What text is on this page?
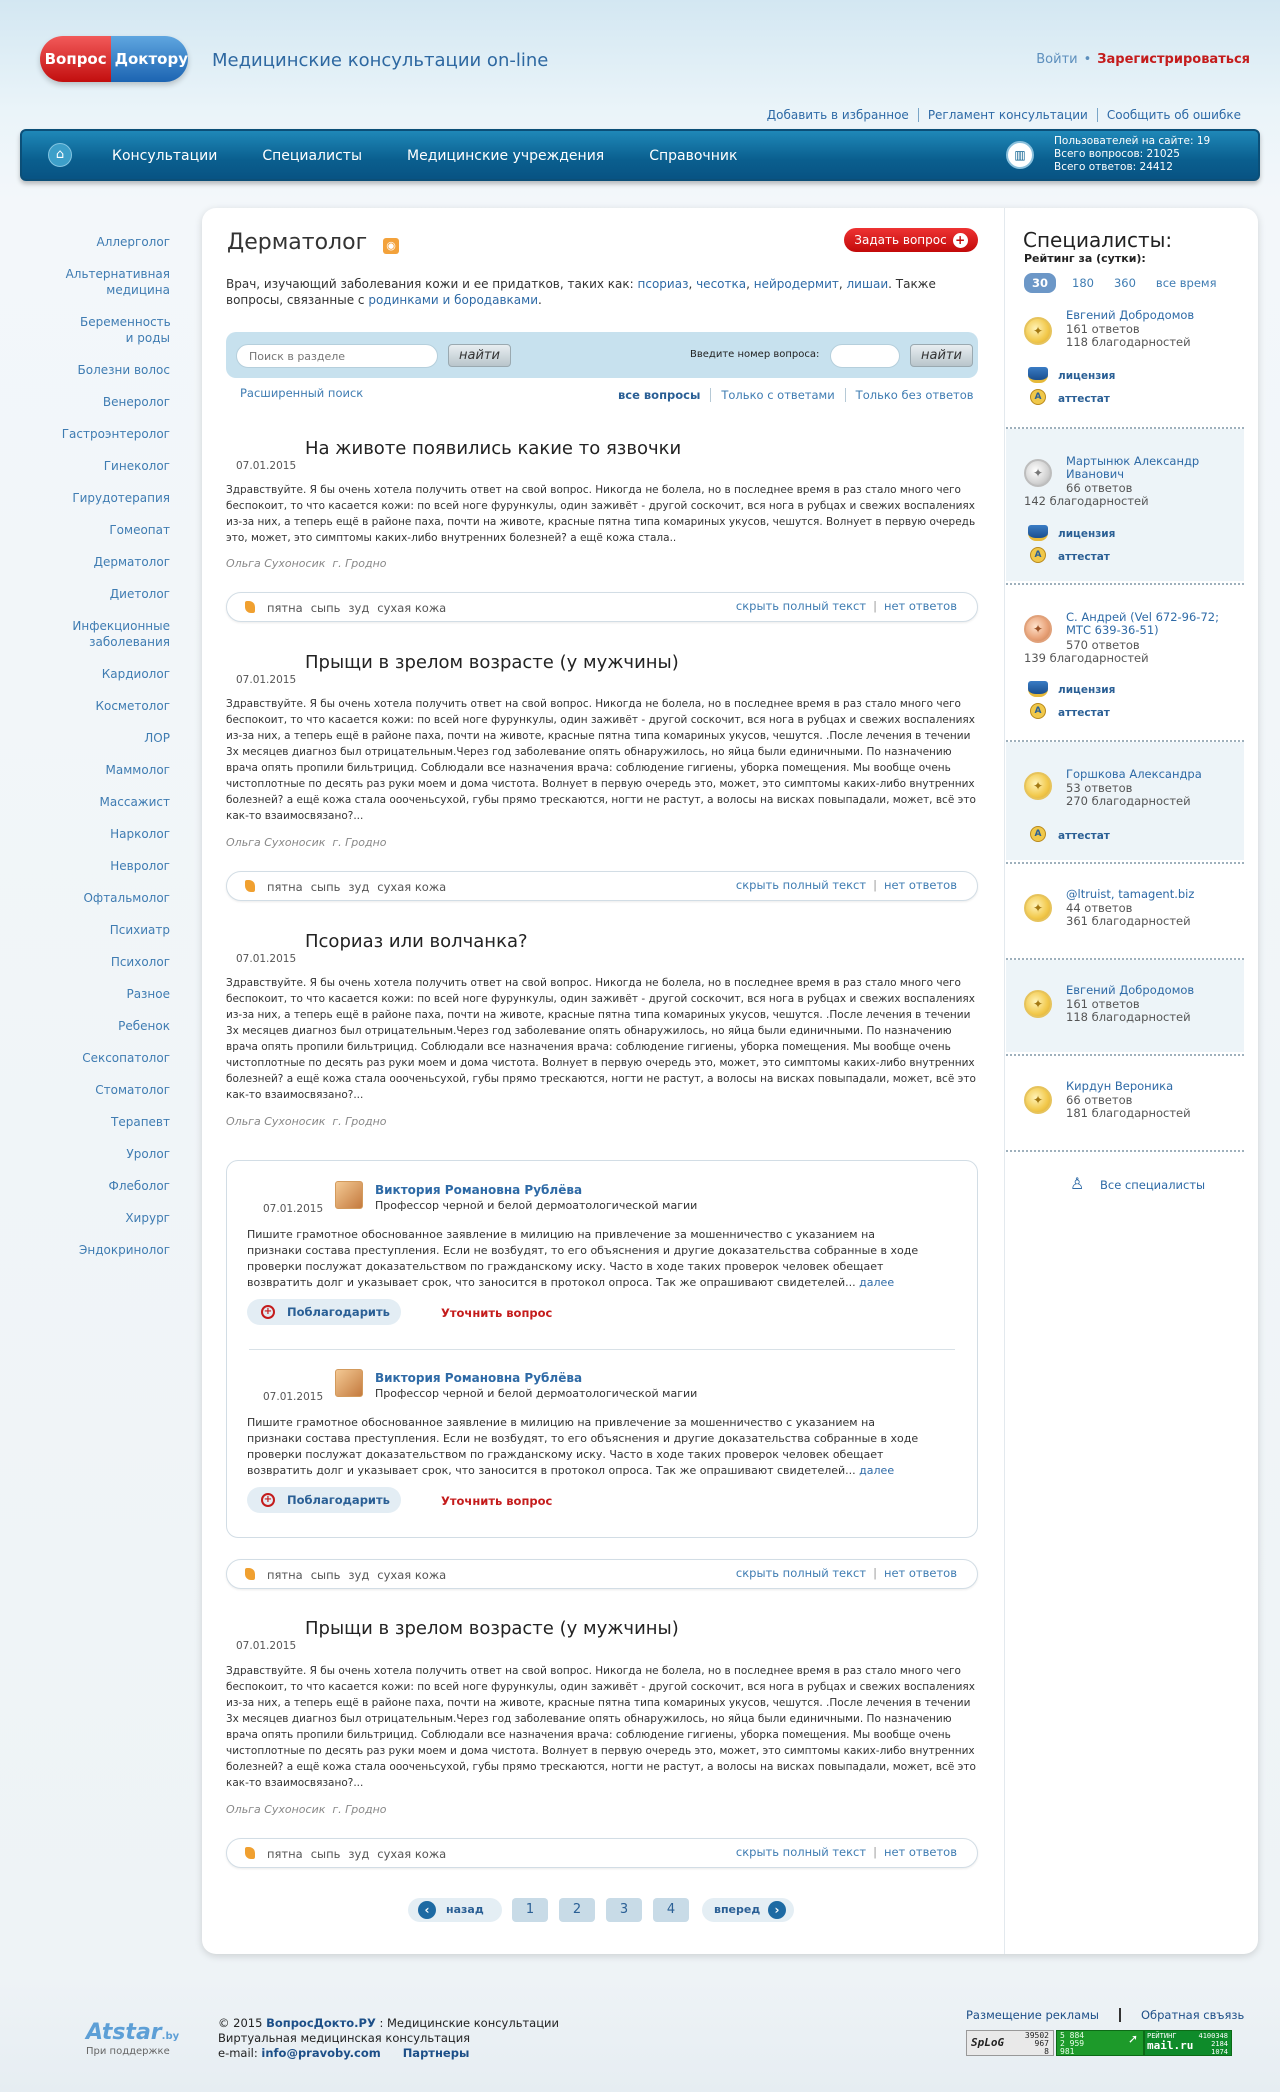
Вопрос Доктору Медицинские консультации on-line	Войти • Зарегистрироваться
Добавить в избранное	Регламент консультации	Сообщить об ошибке
⌂	Консультации	Специалисты	Медицинские учреждения	Справочник	▥
Пользователей на сайте: 19
Всего вопросов: 21025
Всего ответов: 24412
Аллерголог
Альтернативная медицина
Беременность и роды
Болезни волос
Венеролог
Гастроэнтеролог
Гинеколог
Гирудотерапия
Гомеопат
Дерматолог
Диетолог
Инфекционные заболевания
Кардиолог
Косметолог
ЛОР
Маммолог
Массажист
Нарколог
Невролог
Офтальмолог
Психиатр
Психолог
Разное
Ребенок
Сексопатолог
Стоматолог
Терапевт
Уролог
Флеболог
Хирург
Эндокринолог
Дерматолог ◉	Задать вопрос +
Врач, изучающий заболевания кожи и ее придатков, таких как: псориаз, чесотка, нейродермит, лишаи. Также вопросы, связанные с родинками и бородавками.
Поиск в разделе
найти	Введите номер вопроса:	найти
Расширенный поиск	все вопросы	Только с ответами	Только без ответов
На животе появились какие то язвочки
07.01.2015
Здравствуйте. Я бы очень хотела получить ответ на свой вопрос. Никогда не болела, но в последнее время в раз стало много чего беспокоит, то что касается кожи: по всей ноге фурункулы, один заживёт - другой соскочит, вся нога в рубцах и свежих воспалениях из-за них, а теперь ещё в районе паха, почти на животе, красные пятна типа комариных укусов, чешутся. Волнует в первую очередь это, может, это симптомы каких-либо внутренних болезней? а ещё кожа стала..
Ольга Сухоносик г. Гродно
пятна сыпь зуд сухая кожа	скрыть полный текст | нет ответов
Прыщи в зрелом возрасте (у мужчины)
07.01.2015
Здравствуйте. Я бы очень хотела получить ответ на свой вопрос. Никогда не болела, но в последнее время в раз стало много чего беспокоит, то что касается кожи: по всей ноге фурункулы, один заживёт - другой соскочит, вся нога в рубцах и свежих воспалениях из-за них, а теперь ещё в районе паха, почти на животе, красные пятна типа комариных укусов, чешутся. .После лечения в течении 3х месяцев диагноз был отрицательным.Через год заболевание опять обнаружилось, но яйца были единичными. По назначению врача опять пропили бильтрицид. Соблюдали все назначения врача: соблюдение гигиены, уборка помещения. Мы вообще очень чистоплотные по десять раз руки моем и дома чистота. Волнует в первую очередь это, может, это симптомы каких-либо внутренних болезней? а ещё кожа стала оооченьсухой, губы прямо трескаются, ногти не растут, а волосы на висках повыпадали, может, всё это как-то взаимосвязано?...
Ольга Сухоносик г. Гродно
пятна сыпь зуд сухая кожа	скрыть полный текст | нет ответов
Псориаз или волчанка?
07.01.2015
Здравствуйте. Я бы очень хотела получить ответ на свой вопрос. Никогда не болела, но в последнее время в раз стало много чего беспокоит, то что касается кожи: по всей ноге фурункулы, один заживёт - другой соскочит, вся нога в рубцах и свежих воспалениях из-за них, а теперь ещё в районе паха, почти на животе, красные пятна типа комариных укусов, чешутся. .После лечения в течении 3х месяцев диагноз был отрицательным.Через год заболевание опять обнаружилось, но яйца были единичными. По назначению врача опять пропили бильтрицид. Соблюдали все назначения врача: соблюдение гигиены, уборка помещения. Мы вообще очень чистоплотные по десять раз руки моем и дома чистота. Волнует в первую очередь это, может, это симптомы каких-либо внутренних болезней? а ещё кожа стала оооченьсухой, губы прямо трескаются, ногти не растут, а волосы на висках повыпадали, может, всё это как-то взаимосвязано?...
Ольга Сухоносик г. Гродно
Виктория Романовна Рублёва
Профессор черной и белой дермоатологической магии
07.01.2015
Пишите грамотное обоснованное заявление в милицию на привлечение за мошенничество с указанием на признаки состава преступления. Если не возбудят, то его объяснения и другие доказательства собранные в ходе проверки послужат доказательством по гражданскому иску. Часто в ходе таких проверок человек обещает возвратить долг и указывает срок, что заносится в протокол опроса. Так же опрашивают свидетелей... далее
+ Поблагодарить	Уточнить вопрос
Виктория Романовна Рублёва
Профессор черной и белой дермоатологической магии
07.01.2015
Пишите грамотное обоснованное заявление в милицию на привлечение за мошенничество с указанием на признаки состава преступления. Если не возбудят, то его объяснения и другие доказательства собранные в ходе проверки послужат доказательством по гражданскому иску. Часто в ходе таких проверок человек обещает возвратить долг и указывает срок, что заносится в протокол опроса. Так же опрашивают свидетелей... далее
+ Поблагодарить	Уточнить вопрос
пятна сыпь зуд сухая кожа	скрыть полный текст | нет ответов
Прыщи в зрелом возрасте (у мужчины)
07.01.2015
Здравствуйте. Я бы очень хотела получить ответ на свой вопрос. Никогда не болела, но в последнее время в раз стало много чего беспокоит, то что касается кожи: по всей ноге фурункулы, один заживёт - другой соскочит, вся нога в рубцах и свежих воспалениях из-за них, а теперь ещё в районе паха, почти на животе, красные пятна типа комариных укусов, чешутся. .После лечения в течении 3х месяцев диагноз был отрицательным.Через год заболевание опять обнаружилось, но яйца были единичными. По назначению врача опять пропили бильтрицид. Соблюдали все назначения врача: соблюдение гигиены, уборка помещения. Мы вообще очень чистоплотные по десять раз руки моем и дома чистота. Волнует в первую очередь это, может, это симптомы каких-либо внутренних болезней? а ещё кожа стала оооченьсухой, губы прямо трескаются, ногти не растут, а волосы на висках повыпадали, может, всё это как-то взаимосвязано?...
Ольга Сухоносик г. Гродно
пятна сыпь зуд сухая кожа	скрыть полный текст | нет ответов
‹	назад	1	2	3	4	вперед	›
Специалисты:
Рейтинг за (сутки):
30	180 360 все время
✦
Евгений Добродомов
161 ответов
118 благодарностей
лицензия
A	аттестат
✦
Мартынюк Александр Иванович
66 ответов
142 благодарностей
лицензия
A	аттестат
✦
С. Андрей (Vel 672-96-72; МТС 639-36-51)
570 ответов
139 благодарностей
лицензия
A	аттестат
✦
Горшкова Александра
53 ответов
270 благодарностей
A	аттестат
✦
@ltruist, tamagent.biz
44 ответов
361 благодарностей
✦
Евгений Добродомов
161 ответов
118 благодарностей
✦
Кирдун Вероника
66 ответов
181 благодарностей
♙ Все специалисты
Atstar.by
При поддержке
© 2015 ВопросДокто.РУ : Медицинские консультации
Виртуальная медицинская консультация
e-mail: info@pravoby.com Партнеры
Размещение рекламы	Обратная свъязь
SpLoG
39502
967
8
5 884
2 959
981
➚ РЕЙТИНГ
mail.ru
4100348
2184
1074
